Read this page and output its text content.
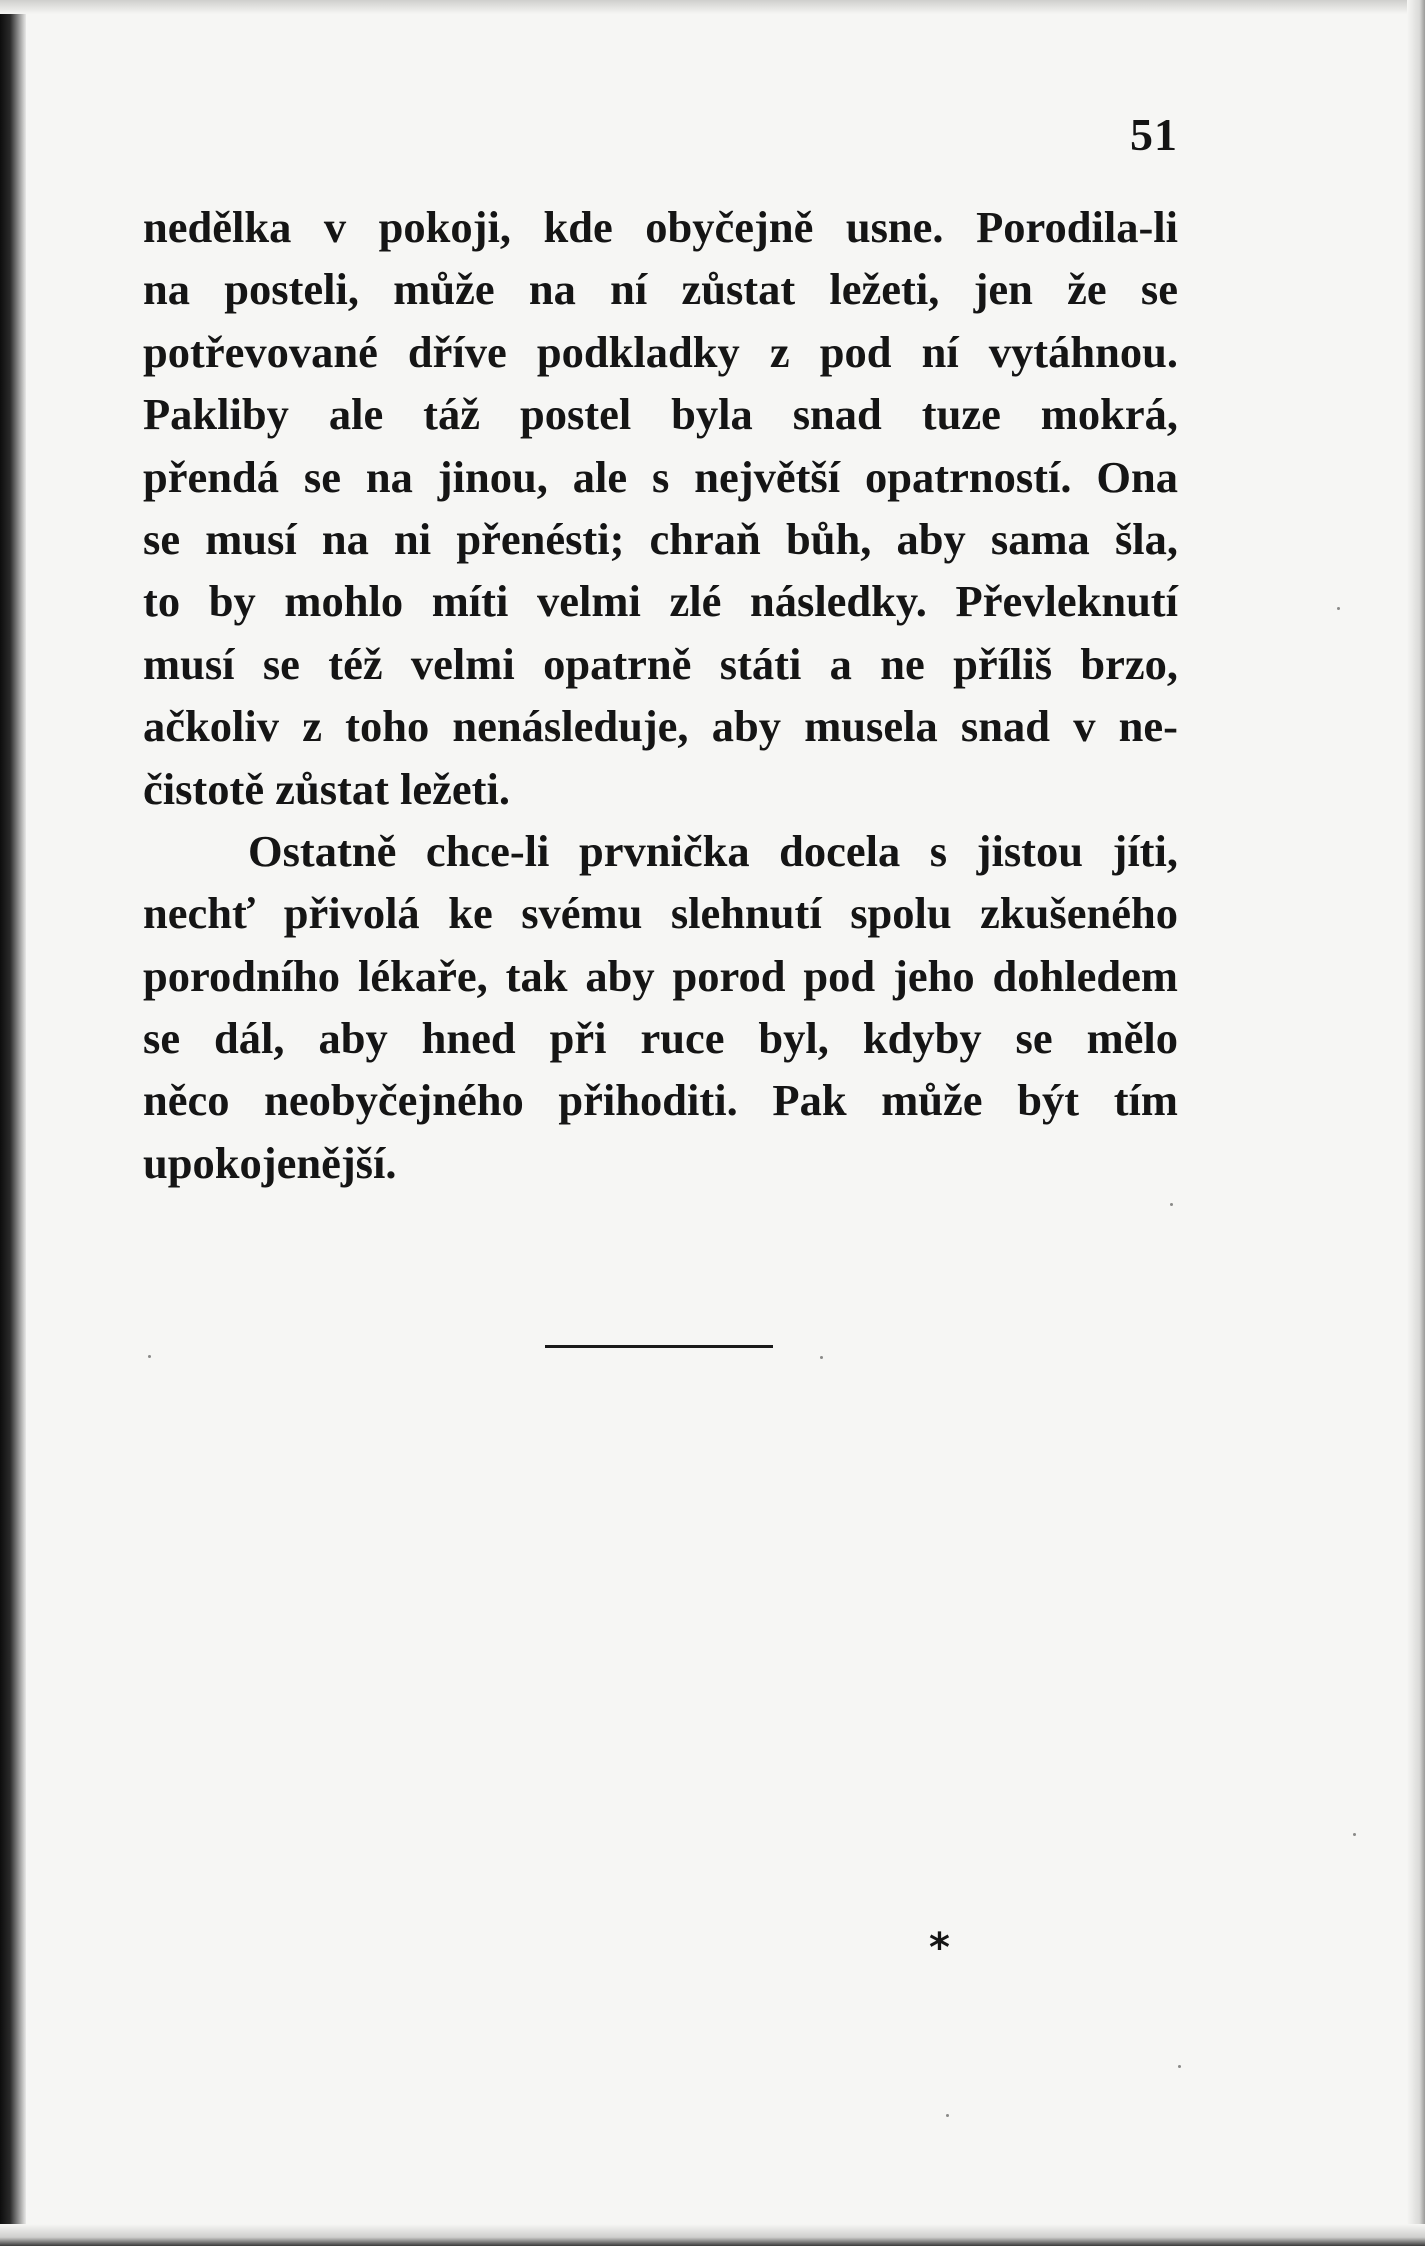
51
nedělka v pokoji, kde obyčejně usne. Porodila-li
na posteli, může na ní zůstat ležeti, jen že se
potřevované dříve podkladky z pod ní vytáhnou.
Pakliby ale táž postel byla snad tuze mokrá,
přendá se na jinou, ale s největší opatrností. Ona
se musí na ni přenésti; chraň bůh, aby sama šla,
to by mohlo míti velmi zlé následky. Převleknutí
musí se též velmi opatrně státi a ne příliš brzo,
ačkoliv z toho nenásleduje, aby musela snad v ne-
čistotě zůstat ležeti.
Ostatně chce-li prvnička docela s jistou jíti,
nechť přivolá ke svému slehnutí spolu zkušeného
porodního lékaře, tak aby porod pod jeho dohledem
se dál, aby hned při ruce byl, kdyby se mělo
něco neobyčejného přihoditi. Pak může být tím
upokojenější.
*
